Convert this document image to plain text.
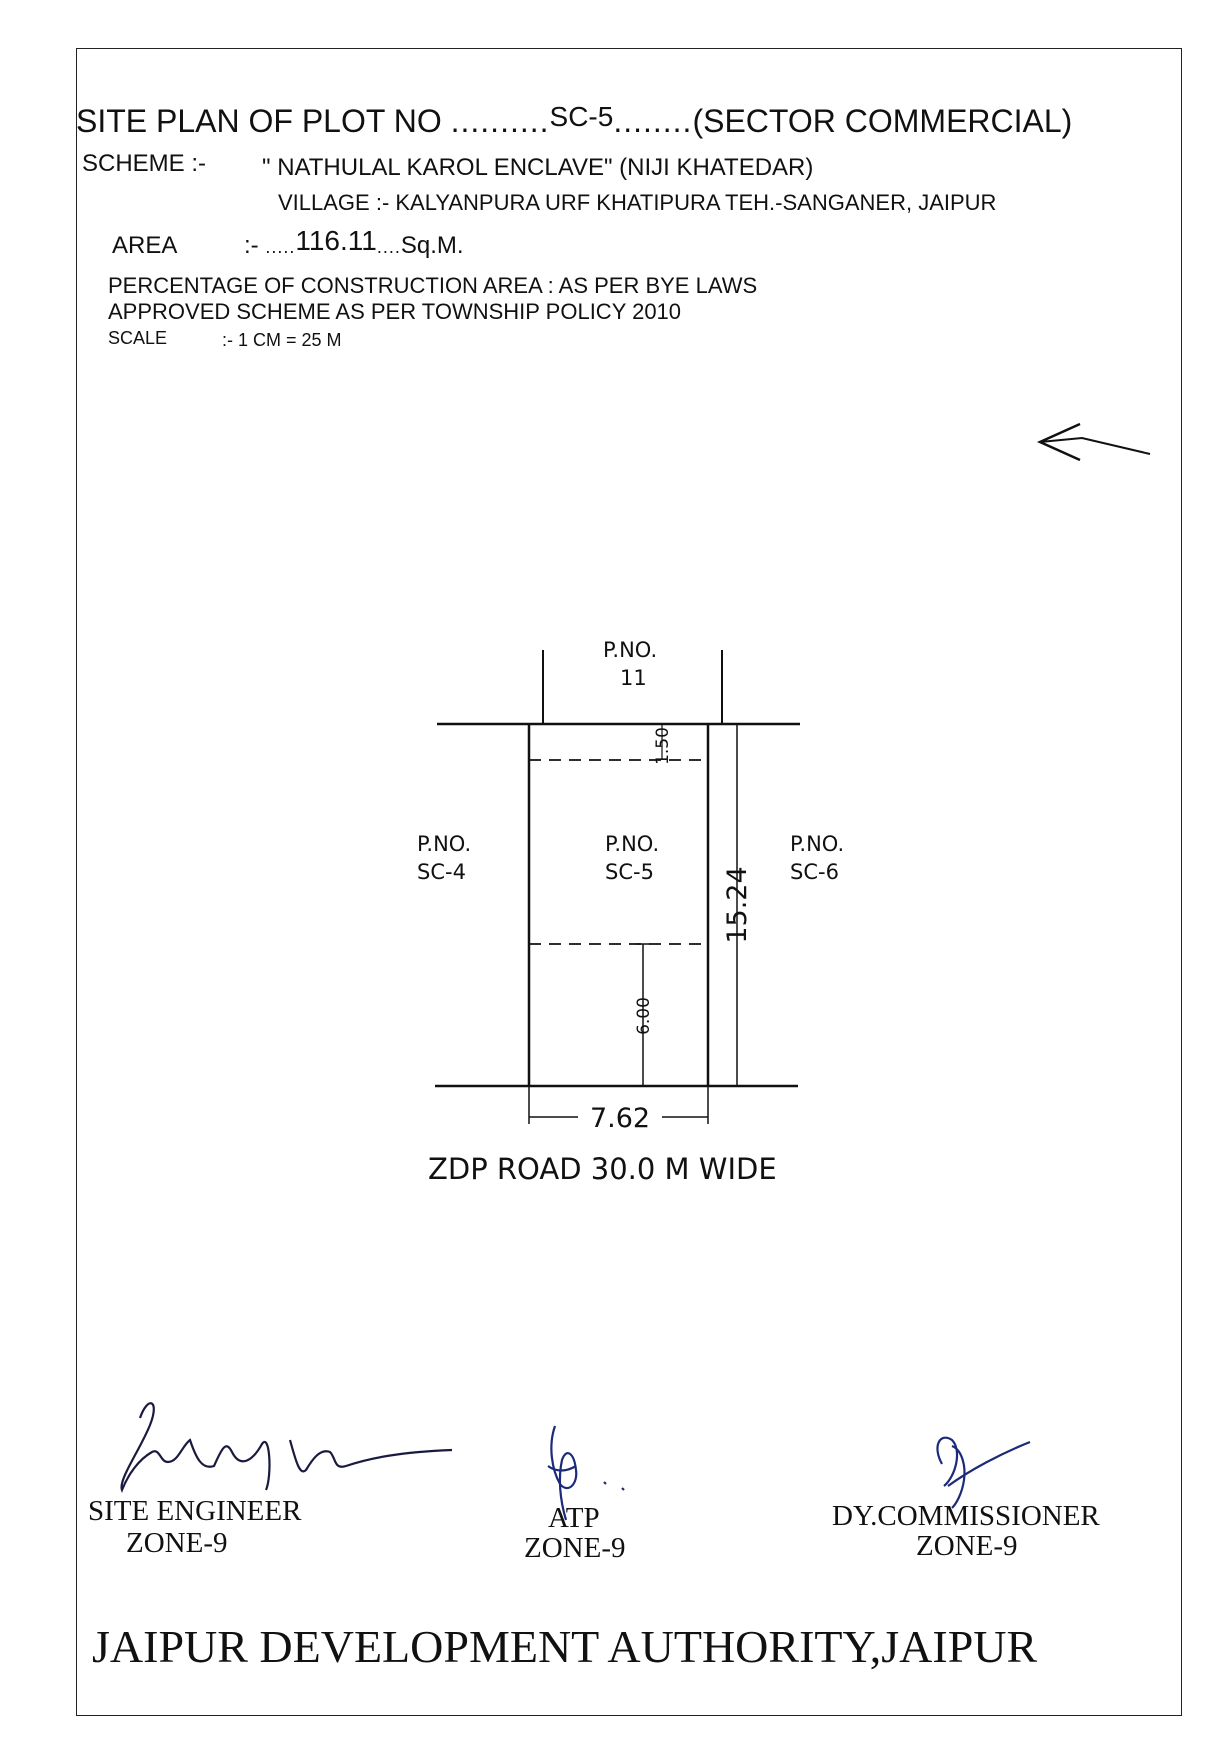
SITE PLAN OF PLOT NO ..........SC-5........(SECTOR COMMERCIAL)
SCHEME :- " NATHULAL KAROL ENCLAVE" (NIJI KHATEDAR)
VILLAGE :- KALYANPURA URF KHATIPURA TEH.-SANGANER, JAIPUR
AREA	:- .....116.11....Sq.M.
PERCENTAGE OF CONSTRUCTION AREA : AS PER BYE LAWS
APPROVED SCHEME AS PER TOWNSHIP POLICY 2010
SCALE	:- 1 CM = 25 M
1.50
6.00
15.24
7.62
P.NO.
11
P.NO.
SC-4
P.NO.
SC-5
P.NO.
SC-6
ZDP ROAD 30.0 M WIDE
SITE ENGINEER
ZONE-9
ATP
ZONE-9
DY.COMMISSIONER
ZONE-9
JAIPUR DEVELOPMENT AUTHORITY,JAIPUR
